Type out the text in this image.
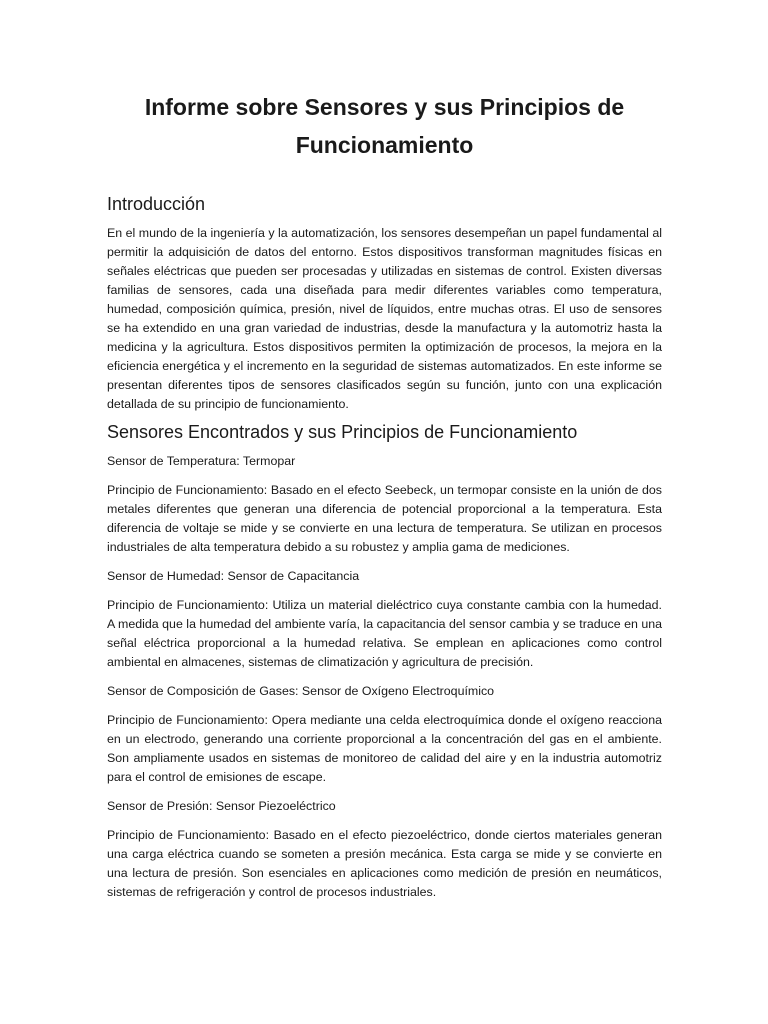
Informe sobre Sensores y sus Principios de Funcionamiento
Introducción

En el mundo de la ingeniería y la automatización, los sensores desempeñan un papel fundamental al permitir la adquisición de datos del entorno. Estos dispositivos transforman magnitudes físicas en señales eléctricas que pueden ser procesadas y utilizadas en sistemas de control. Existen diversas familias de sensores, cada una diseñada para medir diferentes variables como temperatura, humedad, composición química, presión, nivel de líquidos, entre muchas otras. El uso de sensores se ha extendido en una gran variedad de industrias, desde la manufactura y la automotriz hasta la medicina y la agricultura. Estos dispositivos permiten la optimización de procesos, la mejora en la eficiencia energética y el incremento en la seguridad de sistemas automatizados. En este informe se presentan diferentes tipos de sensores clasificados según su función, junto con una explicación detallada de su principio de funcionamiento.

Sensores Encontrados y sus Principios de Funcionamiento

Sensor de Temperatura: Termopar

Principio de Funcionamiento: Basado en el efecto Seebeck, un termopar consiste en la unión de dos metales diferentes que generan una diferencia de potencial proporcional a la temperatura. Esta diferencia de voltaje se mide y se convierte en una lectura de temperatura. Se utilizan en procesos industriales de alta temperatura debido a su robustez y amplia gama de mediciones.

Sensor de Humedad: Sensor de Capacitancia

Principio de Funcionamiento: Utiliza un material dieléctrico cuya constante cambia con la humedad. A medida que la humedad del ambiente varía, la capacitancia del sensor cambia y se traduce en una señal eléctrica proporcional a la humedad relativa. Se emplean en aplicaciones como control ambiental en almacenes, sistemas de climatización y agricultura de precisión.

Sensor de Composición de Gases: Sensor de Oxígeno Electroquímico

Principio de Funcionamiento: Opera mediante una celda electroquímica donde el oxígeno reacciona en un electrodo, generando una corriente proporcional a la concentración del gas en el ambiente. Son ampliamente usados en sistemas de monitoreo de calidad del aire y en la industria automotriz para el control de emisiones de escape.

Sensor de Presión: Sensor Piezoeléctrico

Principio de Funcionamiento: Basado en el efecto piezoeléctrico, donde ciertos materiales generan una carga eléctrica cuando se someten a presión mecánica. Esta carga se mide y se convierte en una lectura de presión. Son esenciales en aplicaciones como medición de presión en neumáticos, sistemas de refrigeración y control de procesos industriales.
